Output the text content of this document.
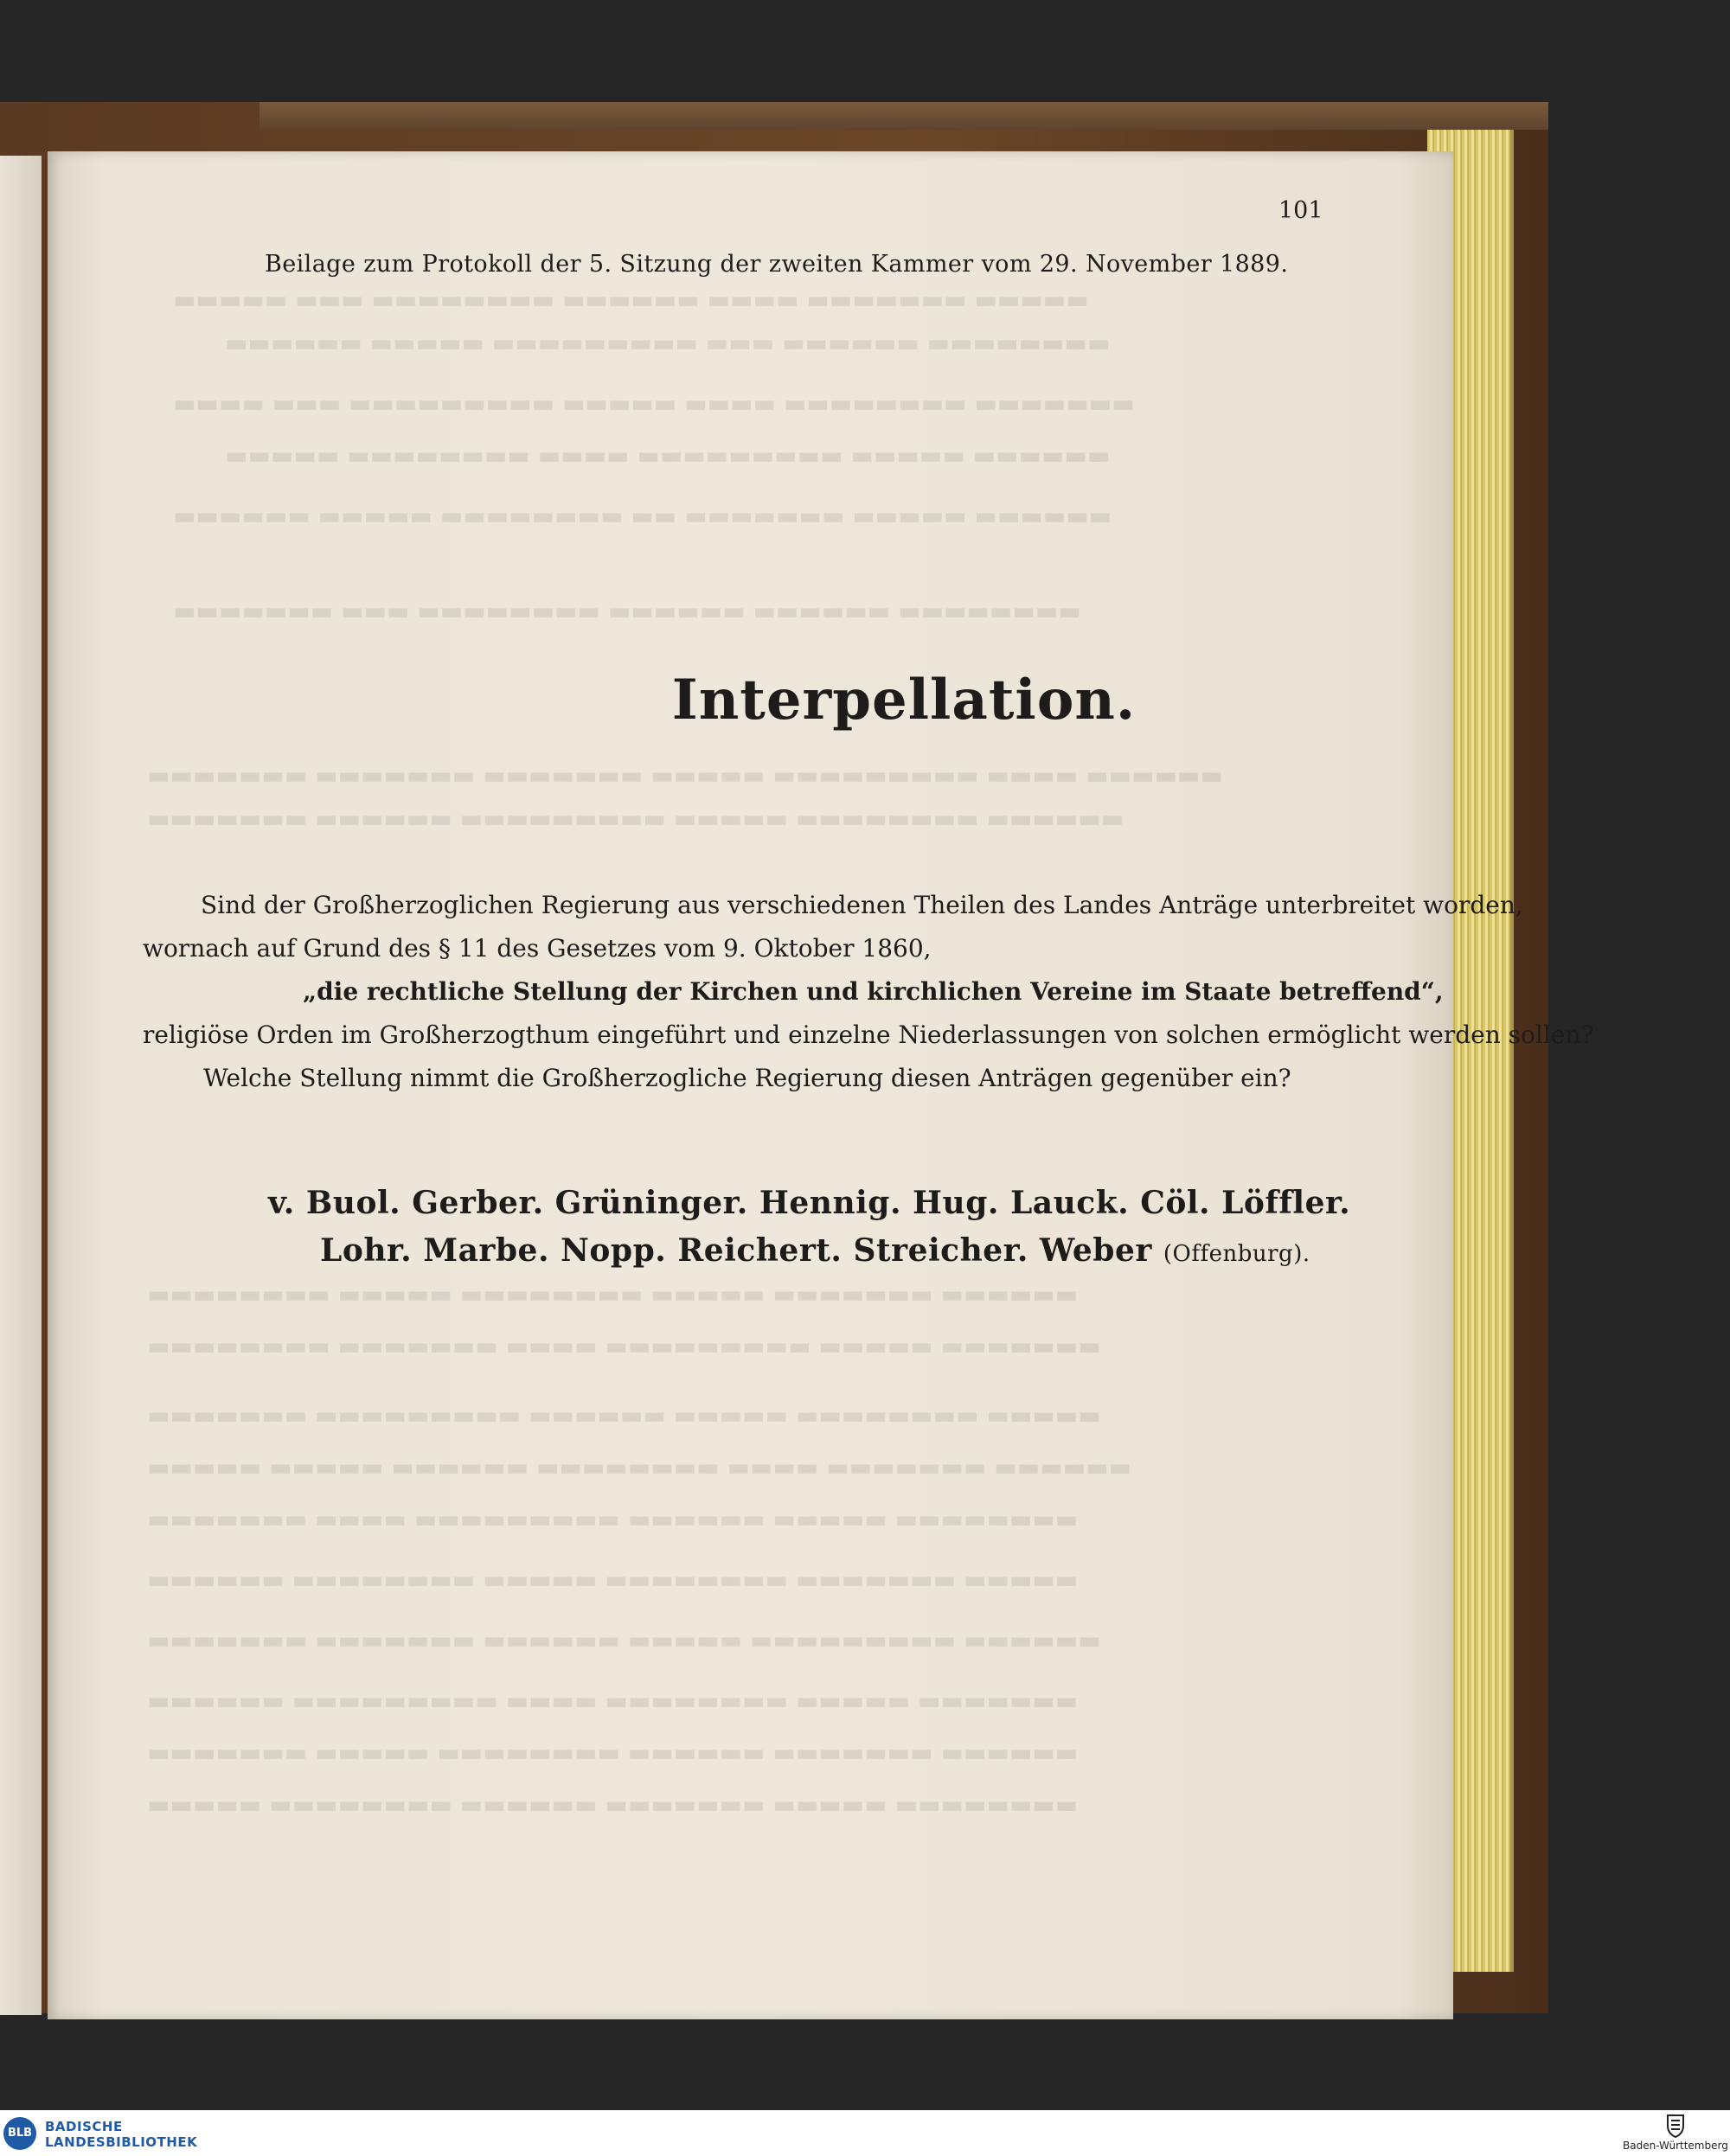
▬▬▬▬▬ ▬▬▬▬▬▬▬ ▬▬▬▬ ▬▬▬▬▬▬ ▬▬▬▬▬▬▬▬ ▬▬▬ ▬▬▬▬▬
▬▬▬▬▬▬▬▬ ▬▬▬▬▬▬ ▬▬▬ ▬▬▬▬▬▬▬▬▬ ▬▬▬▬▬ ▬▬▬▬▬▬
▬▬▬▬▬▬▬ ▬▬▬▬▬▬▬▬ ▬▬▬▬ ▬▬▬▬▬ ▬▬▬▬▬▬▬▬▬ ▬▬▬ ▬▬▬▬
▬▬▬▬▬▬ ▬▬▬▬▬ ▬▬▬▬▬▬▬▬▬ ▬▬▬▬ ▬▬▬▬▬▬▬▬ ▬▬▬▬▬
▬▬▬▬▬▬ ▬▬▬▬▬ ▬▬▬▬▬▬▬ ▬▬ ▬▬▬▬▬▬▬▬ ▬▬▬▬▬ ▬▬▬▬▬▬
▬▬▬▬▬▬▬▬ ▬▬▬▬▬▬ ▬▬▬▬▬▬ ▬▬▬▬▬▬▬▬ ▬▬▬ ▬▬▬▬▬▬▬
▬▬▬▬▬▬ ▬▬▬▬ ▬▬▬▬▬▬▬▬▬ ▬▬▬▬▬ ▬▬▬▬▬▬▬ ▬▬▬▬▬▬▬ ▬▬▬▬▬▬▬
▬▬▬▬▬▬ ▬▬▬▬▬▬▬▬ ▬▬▬▬▬ ▬▬▬▬▬▬▬▬▬ ▬▬▬▬▬▬ ▬▬▬▬▬▬▬
▬▬▬▬▬▬ ▬▬▬▬▬▬▬ ▬▬▬▬▬ ▬▬▬▬▬▬▬▬ ▬▬▬▬▬ ▬▬▬▬▬▬▬▬
▬▬▬▬▬▬▬ ▬▬▬▬▬ ▬▬▬▬▬▬▬▬▬ ▬▬▬▬ ▬▬▬▬▬▬▬ ▬▬▬▬▬▬▬▬
▬▬▬▬▬ ▬▬▬▬▬▬▬▬ ▬▬▬▬▬ ▬▬▬▬▬▬ ▬▬▬▬▬▬▬▬▬ ▬▬▬▬▬▬▬
▬▬▬▬▬▬ ▬▬▬▬▬▬▬ ▬▬▬▬ ▬▬▬▬▬▬▬▬ ▬▬▬▬▬▬ ▬▬▬▬▬ ▬▬▬▬▬
▬▬▬▬▬▬▬▬ ▬▬▬▬▬ ▬▬▬▬▬▬ ▬▬▬▬▬▬▬▬▬ ▬▬▬▬ ▬▬▬▬▬▬▬
▬▬▬▬▬ ▬▬▬▬▬▬▬ ▬▬▬▬▬▬▬▬ ▬▬▬▬▬ ▬▬▬▬▬▬▬▬ ▬▬▬▬▬▬
▬▬▬▬▬▬ ▬▬▬▬▬▬▬▬▬ ▬▬▬▬▬ ▬▬▬▬▬▬ ▬▬▬▬▬▬▬ ▬▬▬▬▬▬▬
▬▬▬▬▬▬▬ ▬▬▬▬▬ ▬▬▬▬▬▬▬▬ ▬▬▬▬ ▬▬▬▬▬▬▬▬▬ ▬▬▬▬▬▬
▬▬▬▬▬▬ ▬▬▬▬▬▬▬ ▬▬▬▬▬▬ ▬▬▬▬▬▬▬▬ ▬▬▬▬▬ ▬▬▬▬▬▬▬
▬▬▬▬▬▬▬▬ ▬▬▬▬▬ ▬▬▬▬▬▬▬ ▬▬▬▬▬▬ ▬▬▬▬▬▬▬▬ ▬▬▬▬▬
101
Beilage zum Protokoll der 5. Sitzung der zweiten Kammer vom 29. November 1889.
Interpellation.
Sind der Großherzoglichen Regierung aus verschiedenen Theilen des Landes Anträge unterbreitet worden,
wornach auf Grund des § 11 des Gesetzes vom 9. Oktober 1860,
„die rechtliche Stellung der Kirchen und kirchlichen Vereine im Staate betreffend“,
religiöse Orden im Großherzogthum eingeführt und einzelne Niederlassungen von solchen ermöglicht werden sollen?
Welche Stellung nimmt die Großherzogliche Regierung diesen Anträgen gegenüber ein?
v. Buol. Gerber. Grüninger. Hennig. Hug. Lauck. Cöl. Löffler.
Lohr. Marbe. Nopp. Reichert. Streicher. Weber (Offenburg).
BLB BADISCHE
LANDESBIBLIOTHEK	Baden-Württemberg
